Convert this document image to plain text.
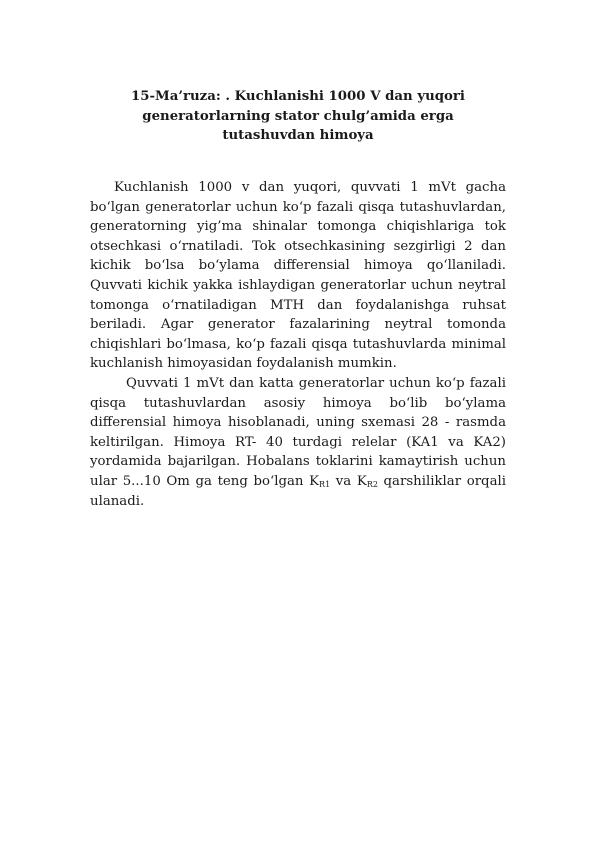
15-Ma’ruza: . Kuchlanishi 1000 V dan yuqori
generatorlarning stator chulg’amida erga
tutashuvdan himoya

Kuchlanish 1000 v dan yuqori, quvvati 1 mVt gacha bo‘lgan generatorlar uchun ko‘p fazali qisqa tutashuvlardan, generatorning yig’ma shinalar tomonga chiqishlariga tok otsechkasi o‘rnatiladi. Tok otsechkasining sezgirligi 2 dan kichik bo‘lsa bo‘ylama differensial himoya qo‘llaniladi. Quvvati kichik yakka ishlaydigan generatorlar uchun neytral tomonga o‘rnatiladigan MTH dan foydalanishga ruhsat beriladi. Agar generator fazalarining neytral tomonda chiqishlari bo‘lmasa, ko‘p fazali qisqa tutashuvlarda minimal kuchlanish himoyasidan foydalanish mumkin.

Quvvati 1 mVt dan katta generatorlar uchun ko‘p fazali qisqa tutashuvlardan asosiy himoya bo‘lib bo‘ylama differensial himoya hisoblanadi, uning sxemasi 28 - rasmda keltirilgan. Himoya RT- 40 turdagi relelar (KA1 va KA2) yordamida bajarilgan. Hobalans toklarini kamaytirish uchun ular 5...10 Om ga teng bo‘lgan $K_{R1}$ va $K_{R2}$ qarshiliklar orqali ulanadi.
